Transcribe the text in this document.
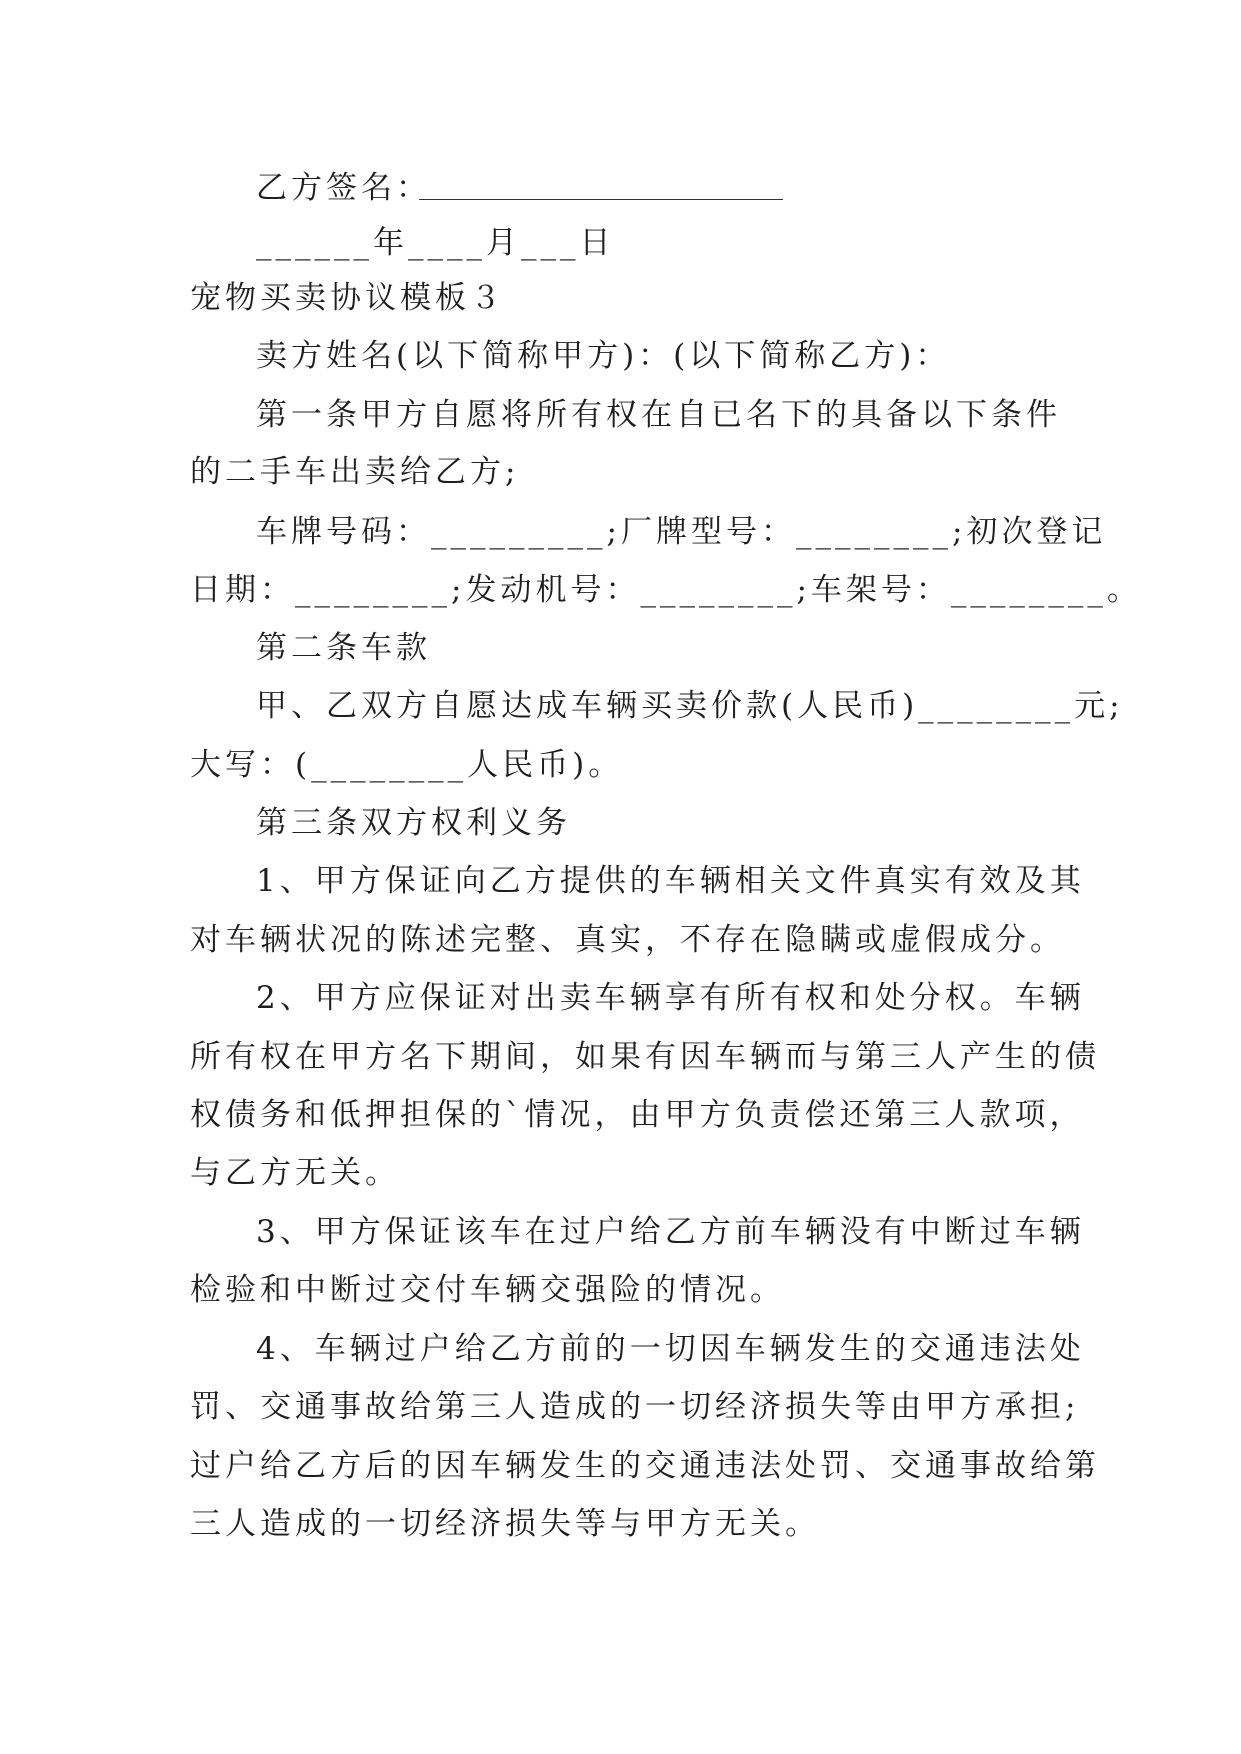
乙方签名：
______年____月___日
宠物买卖协议模板３
卖方姓名(以下简称甲方)：(以下简称乙方)：
第一条甲方自愿将所有权在自已名下的具备以下条件
的二手车出卖给乙方;
车牌号码：_________;厂牌型号：________;初次登记
日期：________;发动机号：________;车架号：________。
第二条车款
甲、乙双方自愿达成车辆买卖价款(人民币)________元;
大写：(________人民币)。
第三条双方权利义务
1、甲方保证向乙方提供的车辆相关文件真实有效及其
对车辆状况的陈述完整、真实，不存在隐瞒或虚假成分。
2、甲方应保证对出卖车辆享有所有权和处分权。车辆
所有权在甲方名下期间，如果有因车辆而与第三人产生的债
权债务和低押担保的`情况，由甲方负责偿还第三人款项，
与乙方无关。
3、甲方保证该车在过户给乙方前车辆没有中断过车辆
检验和中断过交付车辆交强险的情况。
4、车辆过户给乙方前的一切因车辆发生的交通违法处
罚、交通事故给第三人造成的一切经济损失等由甲方承担;
过户给乙方后的因车辆发生的交通违法处罚、交通事故给第
三人造成的一切经济损失等与甲方无关。
